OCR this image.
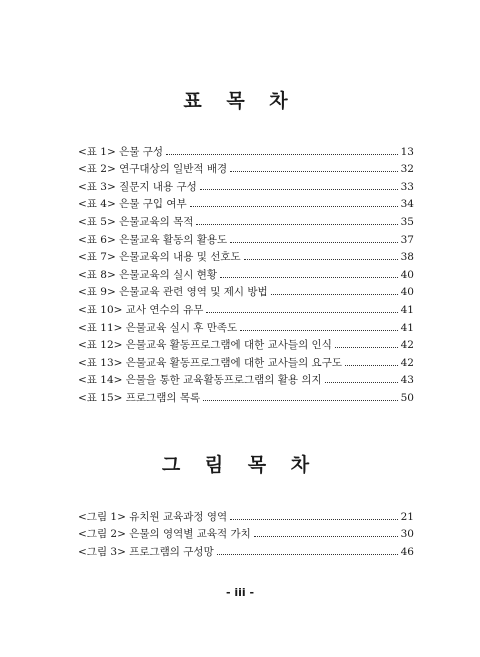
표 목 차
<표 1> 은물 구성	13
<표 2> 연구대상의 일반적 배경	32
<표 3> 질문지 내용 구성	33
<표 4> 은물 구입 여부	34
<표 5> 은물교육의 목적	35
<표 6> 은물교육 활동의 활용도	37
<표 7> 은물교육의 내용 및 선호도	38
<표 8> 은물교육의 실시 현황	40
<표 9> 은물교육 관련 영역 및 제시 방법	40
<표 10> 교사 연수의 유무	41
<표 11> 은물교육 실시 후 만족도	41
<표 12> 은물교육 활동프로그램에 대한 교사들의 인식	42
<표 13> 은물교육 활동프로그램에 대한 교사들의 요구도	42
<표 14> 은물을 통한 교육활동프로그램의 활용 의지	43
<표 15> 프로그램의 목록	50
그 림 목 차
<그림 1> 유치원 교육과정 영역	21
<그림 2> 은물의 영역별 교육적 가치	30
<그림 3> 프로그램의 구성망	46
- iii -
